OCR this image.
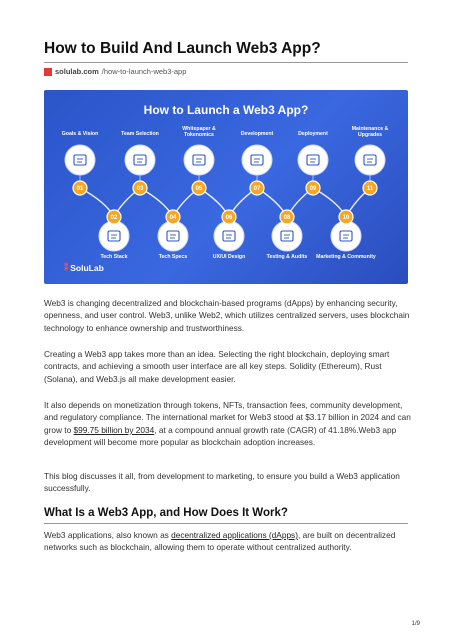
How to Build And Launch Web3 App?
solulab.com /how-to-launch-web3-app
01	03	05	07	09	11
02	04	06	08	10
How to Launch a Web3 App?
Goals & Vision	Team Selection
Whitepaper & Tokenomics	Development	Deployment
Maintenance & Upgrades
Tech Stack	Tech Specs	UX/UI Design	Testing & Audits	Marketing & Community
⁑ SoluLab
Web3 is changing decentralized and blockchain-based programs (dApps) by enhancing security, openness, and user control. Web3, unlike Web2, which utilizes centralized servers, uses blockchain technology to enhance ownership and trustworthiness.
Creating a Web3 app takes more than an idea. Selecting the right blockchain, deploying smart contracts, and achieving a smooth user interface are all key steps. Solidity (Ethereum), Rust (Solana), and Web3.js all make development easier.
It also depends on monetization through tokens, NFTs, transaction fees, community development, and regulatory compliance. The international market for Web3 stood at $3.17 billion in 2024 and can grow to $99.75 billion by 2034, at a compound annual growth rate (CAGR) of 41.18%.Web3 app development will become more popular as blockchain adoption increases.
This blog discusses it all, from development to marketing, to ensure you build a Web3 application successfully.
What Is a Web3 App, and How Does It Work?
Web3 applications, also known as decentralized applications (dApps), are built on decentralized networks such as blockchain, allowing them to operate without centralized authority.
1/9
